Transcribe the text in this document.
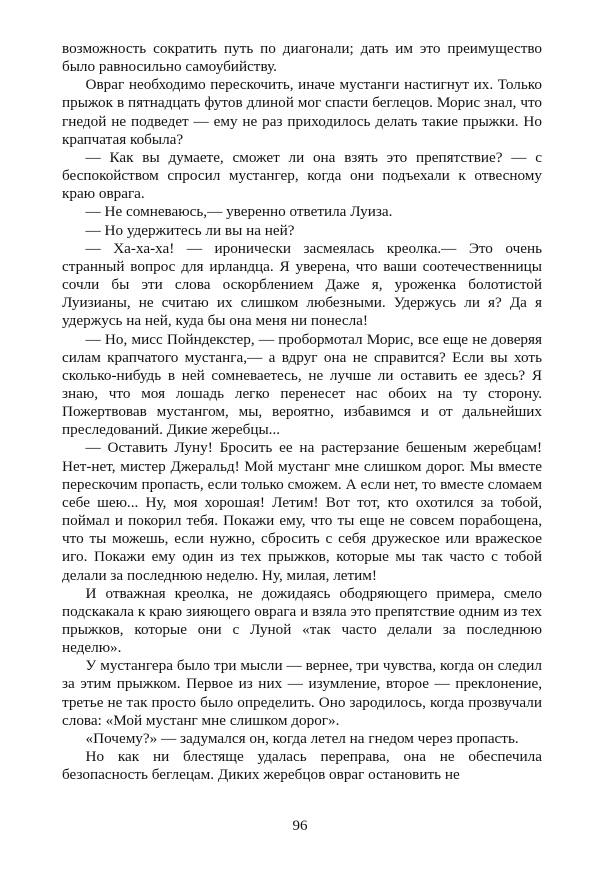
возможность сократить путь по диагонали; дать им это преимущество было равносильно самоубийству.

Овраг необходимо перескочить, иначе мустанги настигнут их. Только прыжок в пятнадцать футов длиной мог спасти беглецов. Морис знал, что гнедой не подведет — ему не раз приходилось делать такие прыжки. Но крапчатая кобыла?

— Как вы думаете, сможет ли она взять это препятствие? — с беспокойством спросил мустангер, когда они подъехали к отвесному краю оврага.

— Не сомневаюсь,— уверенно ответила Луиза.

— Но удержитесь ли вы на ней?

— Ха-ха-ха! — иронически засмеялась креолка.— Это очень странный вопрос для ирландца. Я уверена, что ваши соотечественницы сочли бы эти слова оскорблением Даже я, уроженка болотистой Луизианы, не считаю их слишком любезными. Удержусь ли я? Да я удержусь на ней, куда бы она меня ни понесла!

— Но, мисс Пойндекстер, — пробормотал Морис, все еще не доверяя силам крапчатого мустанга,— а вдруг она не справится? Если вы хоть сколько-нибудь в ней сомневаетесь, не лучше ли оставить ее здесь? Я знаю, что моя лошадь легко перенесет нас обоих на ту сторону. Пожертвовав мустангом, мы, вероятно, избавимся и от дальнейших преследований. Дикие жеребцы...

— Оставить Луну! Бросить ее на растерзание бешеным жеребцам! Нет-нет, мистер Джеральд! Мой мустанг мне слишком дорог. Мы вместе перескочим пропасть, если только сможем. А если нет, то вместе сломаем себе шею... Ну, моя хорошая! Летим! Вот тот, кто охотился за тобой, поймал и покорил тебя. Покажи ему, что ты еще не совсем порабощена, что ты можешь, если нужно, сбросить с себя дружеское или вражеское иго. Покажи ему один из тех прыжков, которые мы так часто с тобой делали за последнюю неделю. Ну, милая, летим!

И отважная креолка, не дожидаясь ободряющего примера, смело подскакала к краю зияющего оврага и взяла это препятствие одним из тех прыжков, которые они с Луной «так часто делали за последнюю неделю».

У мустангера было три мысли — вернее, три чувства, когда он следил за этим прыжком. Первое из них — изумление, второе — преклонение, третье не так просто было определить. Оно зародилось, когда прозвучали слова: «Мой мустанг мне слишком дорог».

«Почему?» — задумался он, когда летел на гнедом через пропасть.

Но как ни блестяще удалась переправа, она не обеспечила безопасность беглецам. Диких жеребцов овраг остановить не

96
